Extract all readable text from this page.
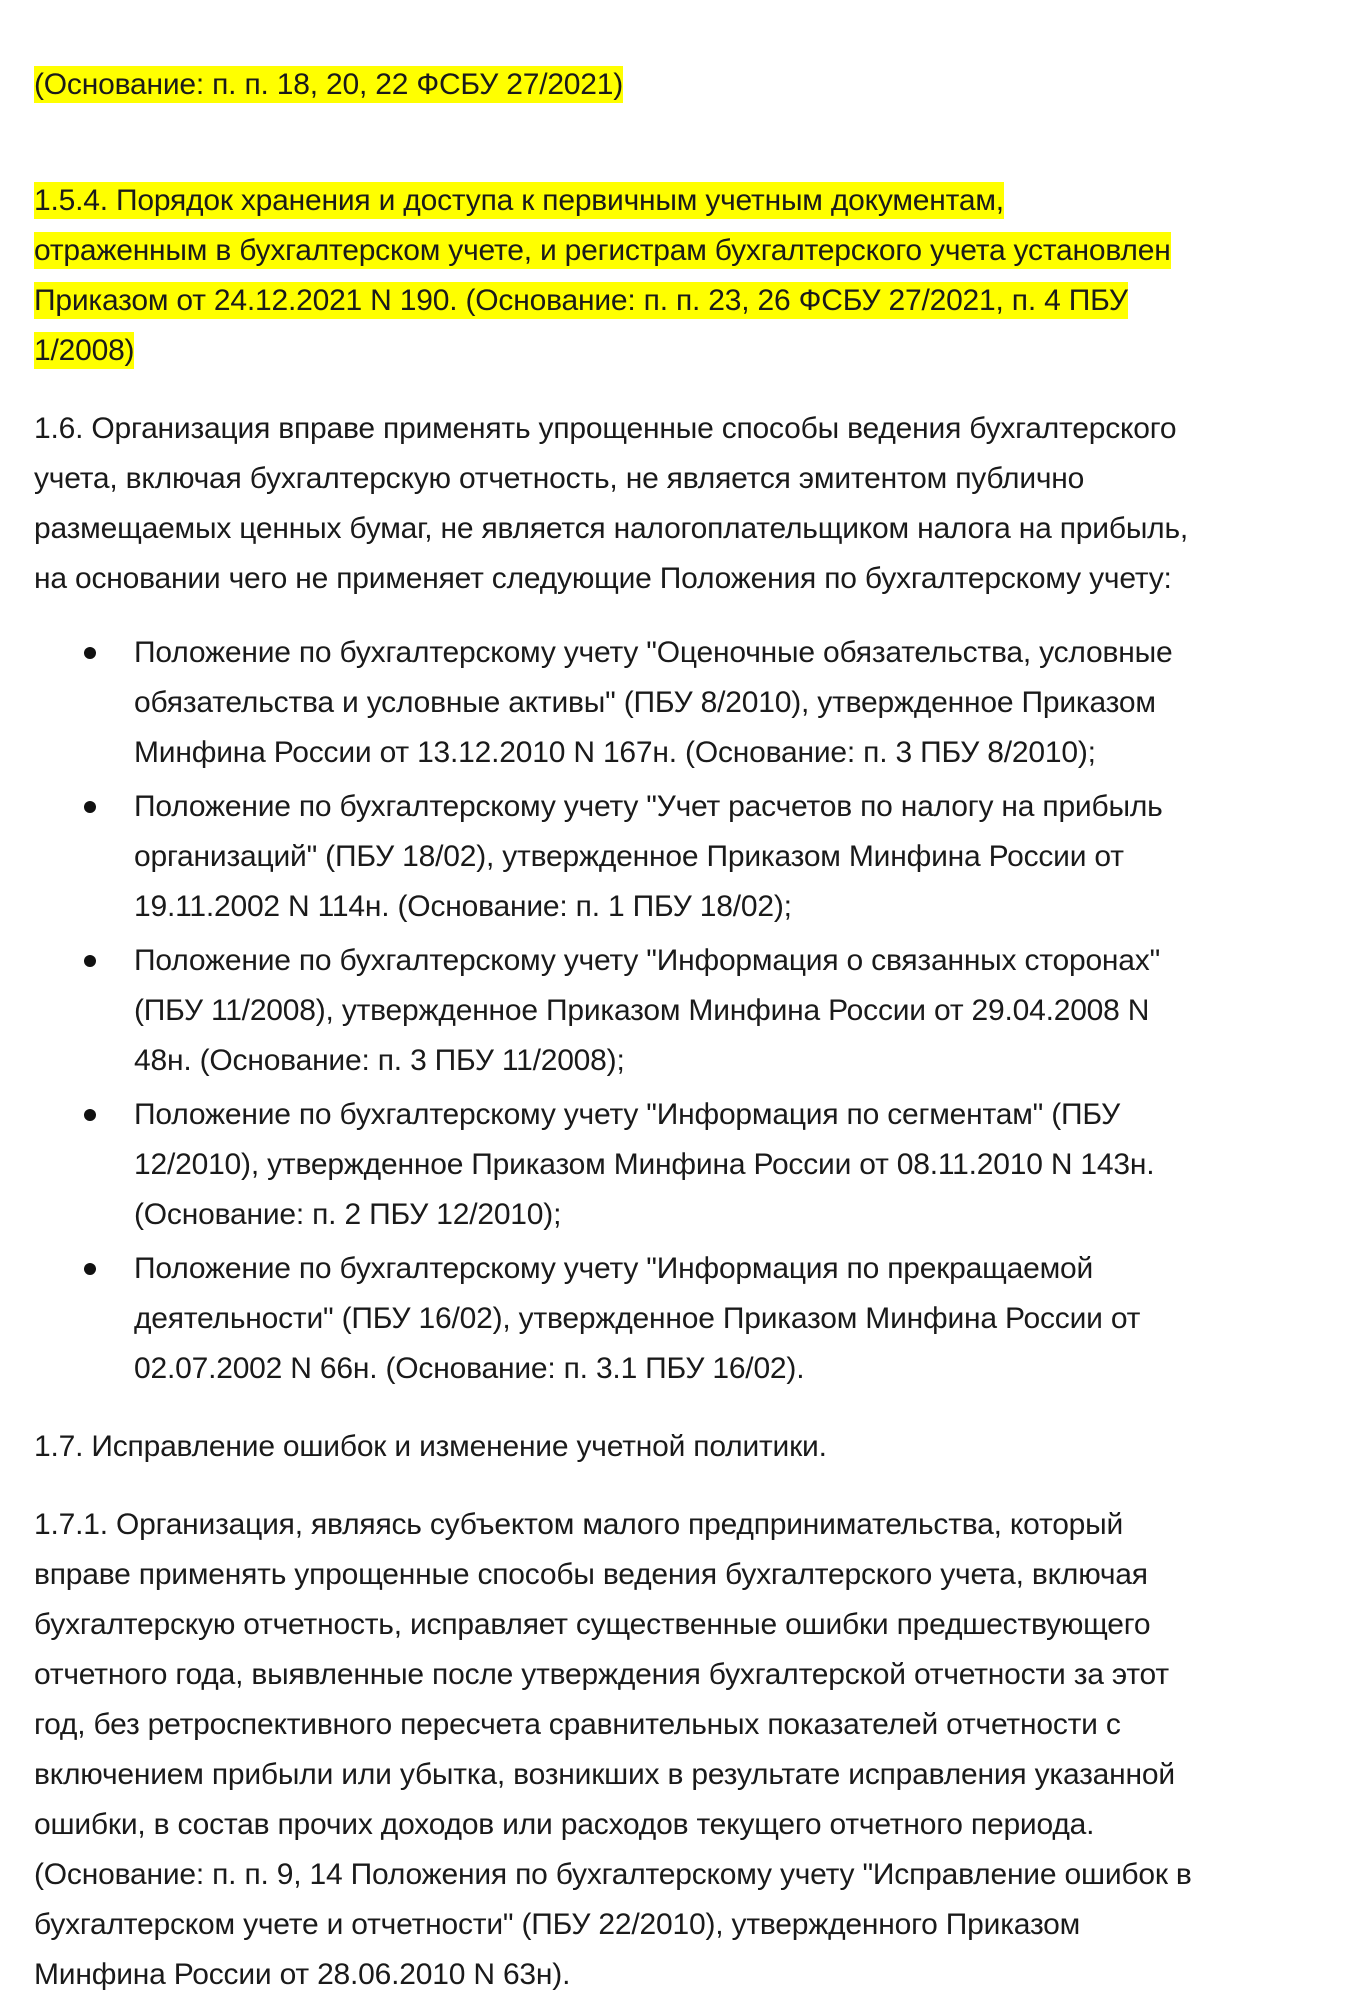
(Основание: п. п. 18, 20, 22 ФСБУ 27/2021)

1.5.4. Порядок хранения и доступа к первичным учетным документам,
отраженным в бухгалтерском учете, и регистрам бухгалтерского учета установлен
Приказом от 24.12.2021 N 190. (Основание: п. п. 23, 26 ФСБУ 27/2021, п. 4 ПБУ
1/2008)

1.6. Организация вправе применять упрощенные способы ведения бухгалтерского
учета, включая бухгалтерскую отчетность, не является эмитентом публично
размещаемых ценных бумаг, не является налогоплательщиком налога на прибыль,
на основании чего не применяет следующие Положения по бухгалтерскому учету:

Положение по бухгалтерскому учету "Оценочные обязательства, условные
обязательства и условные активы" (ПБУ 8/2010), утвержденное Приказом
Минфина России от 13.12.2010 N 167н. (Основание: п. 3 ПБУ 8/2010);
Положение по бухгалтерскому учету "Учет расчетов по налогу на прибыль
организаций" (ПБУ 18/02), утвержденное Приказом Минфина России от
19.11.2002 N 114н. (Основание: п. 1 ПБУ 18/02);
Положение по бухгалтерскому учету "Информация о связанных сторонах"
(ПБУ 11/2008), утвержденное Приказом Минфина России от 29.04.2008 N
48н. (Основание: п. 3 ПБУ 11/2008);
Положение по бухгалтерскому учету "Информация по сегментам" (ПБУ
12/2010), утвержденное Приказом Минфина России от 08.11.2010 N 143н.
(Основание: п. 2 ПБУ 12/2010);
Положение по бухгалтерскому учету "Информация по прекращаемой
деятельности" (ПБУ 16/02), утвержденное Приказом Минфина России от
02.07.2002 N 66н. (Основание: п. 3.1 ПБУ 16/02).

1.7. Исправление ошибок и изменение учетной политики.

1.7.1. Организация, являясь субъектом малого предпринимательства, который
вправе применять упрощенные способы ведения бухгалтерского учета, включая
бухгалтерскую отчетность, исправляет существенные ошибки предшествующего
отчетного года, выявленные после утверждения бухгалтерской отчетности за этот
год, без ретроспективного пересчета сравнительных показателей отчетности с
включением прибыли или убытка, возникших в результате исправления указанной
ошибки, в состав прочих доходов или расходов текущего отчетного периода.
(Основание: п. п. 9, 14 Положения по бухгалтерскому учету "Исправление ошибок в
бухгалтерском учете и отчетности" (ПБУ 22/2010), утвержденного Приказом
Минфина России от 28.06.2010 N 63н).
